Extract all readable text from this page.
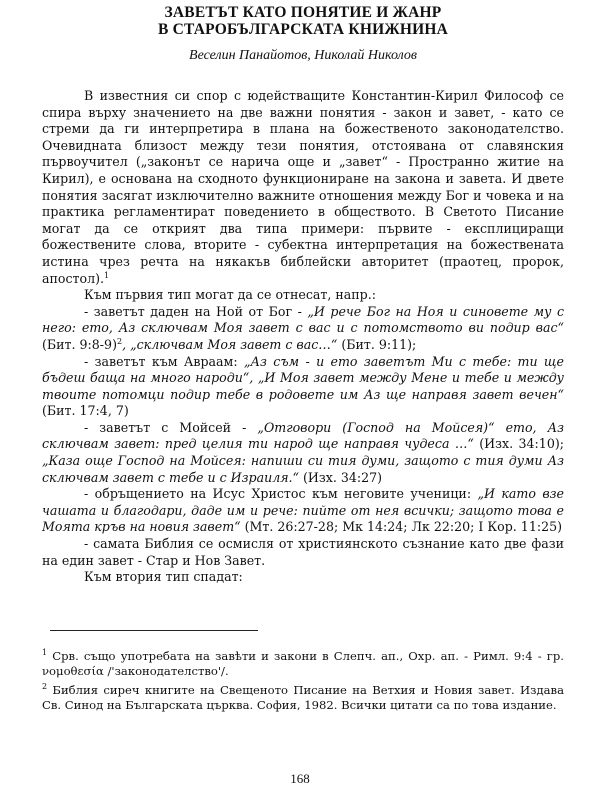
ЗАВЕТЪТ КАТО ПОНЯТИЕ И ЖАНР
В СТАРОБЪЛГАРСКАТА КНИЖНИНА
Веселин Панайотов, Николай Николов

В известния си спор с юдействащите Константин-Кирил Философ се спира върху значението на две важни понятия - закон и завет, - като се стреми да ги интерпретира в плана на божественото законодателство. Очевидната близост между тези понятия, отстоявана от славянския първоучител („законът се нарича още и „завет“ - Пространно житие на Кирил), е основана на сходното функциониране на закона и завета. И двете понятия засягат изключително важните отношения между Бог и човека и на практика регламентират поведението в обществото. В Светото Писание могат да се открият два типа примери: първите - експлициращи божествените слова, вторите - субектна интерпретация на божествената истина чрез речта на някакъв библейски авторитет (праотец, пророк, апостол).$^1$

Към първия тип могат да се отнесат, напр.:

- заветът даден на Ной от Бог - „И рече Бог на Ноя и синовете му с него: ето, Аз сключвам Моя завет с вас и с потомството ви подир вас“ (Бит. 9:8-9)$^2$, „сключвам Моя завет с вас…“ (Бит. 9:11);

- заветът към Авраам: „Аз съм - и ето заветът Ми с тебе: ти ще бъдеш баща на много народи“, „И Моя завет между Мене и тебе и между твоите потомци подир тебе в родовете им Аз ще направя завет вечен“ (Бит. 17:4, 7)

- заветът с Мойсей - „Отговори (Господ на Мойсея)“ ето, Аз сключвам завет: пред целия ти народ ще направя чудеса …“ (Изх. 34:10); „Каза още Господ на Мойсея: напиши си тия думи, защото с тия думи Аз сключвам завет с тебе и с Израиля.“ (Изх. 34:27)

- обръщението на Исус Христос към неговите ученици: „И като взе чашата и благодари, даде им и рече: пийте от нея всички; защото това е Моята кръв на новия завет“ (Мт. 26:27-28; Мк 14:24; Лк 22:20; I Кор. 11:25)

- самата Библия се осмисля от християнското съзнание като две фази на един завет - Стар и Нов Завет.

Към втория тип спадат:

$^1$ Срв. също употребата на завѣти и закони в Слепч. ап., Охр. ап. - Римл. 9:4 - гр. νομοθεσία /'законодателство'/.

$^2$ Библия сиреч книгите на Свещеното Писание на Ветхия и Новия завет. Издава Св. Синод на Българската църква. София, 1982. Всички цитати са по това издание.

168
